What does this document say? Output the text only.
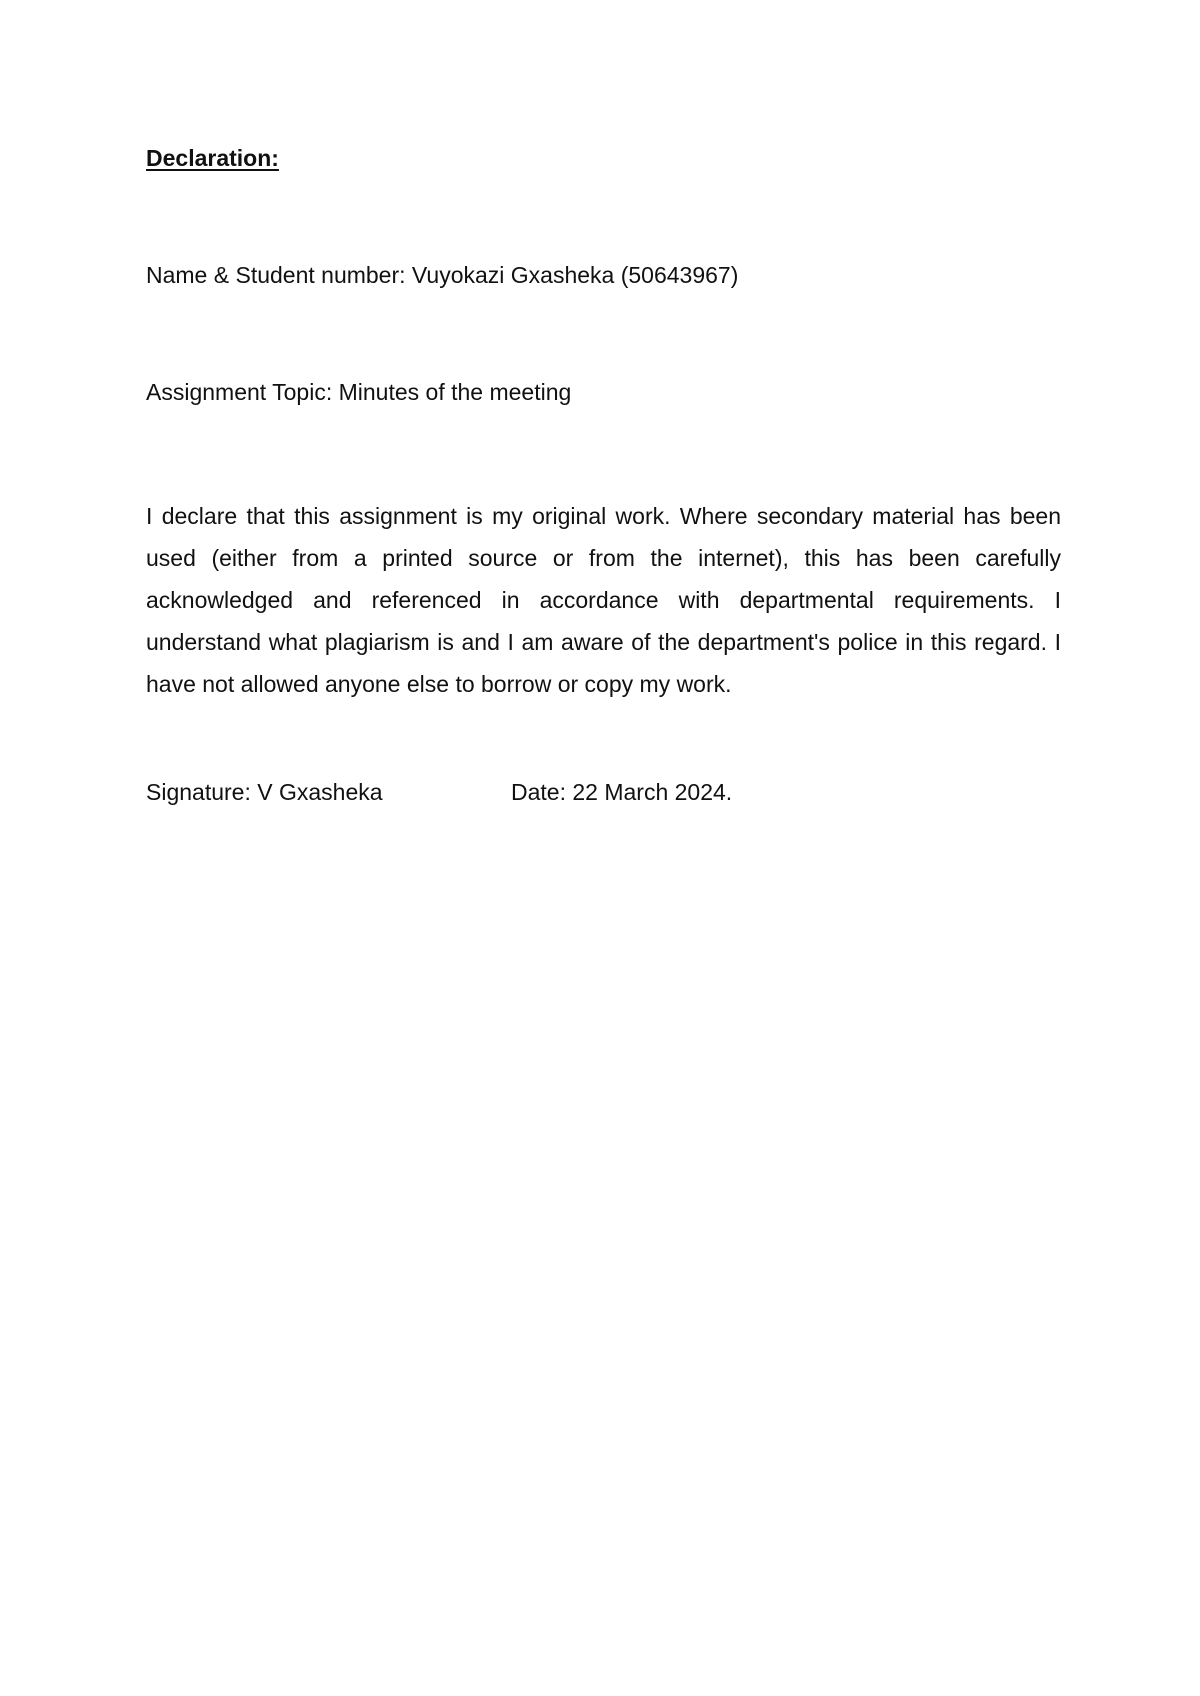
Declaration:
Name & Student number: Vuyokazi Gxasheka (50643967)
Assignment Topic: Minutes of the meeting

I declare that this assignment is my original work. Where secondary material has been used (either from a printed source or from the internet), this has been carefully acknowledged and referenced in accordance with departmental requirements. I understand what plagiarism is and I am aware of the department's police in this regard. I have not allowed anyone else to borrow or copy my work.

Signature: V Gxasheka	Date: 22 March 2024.
